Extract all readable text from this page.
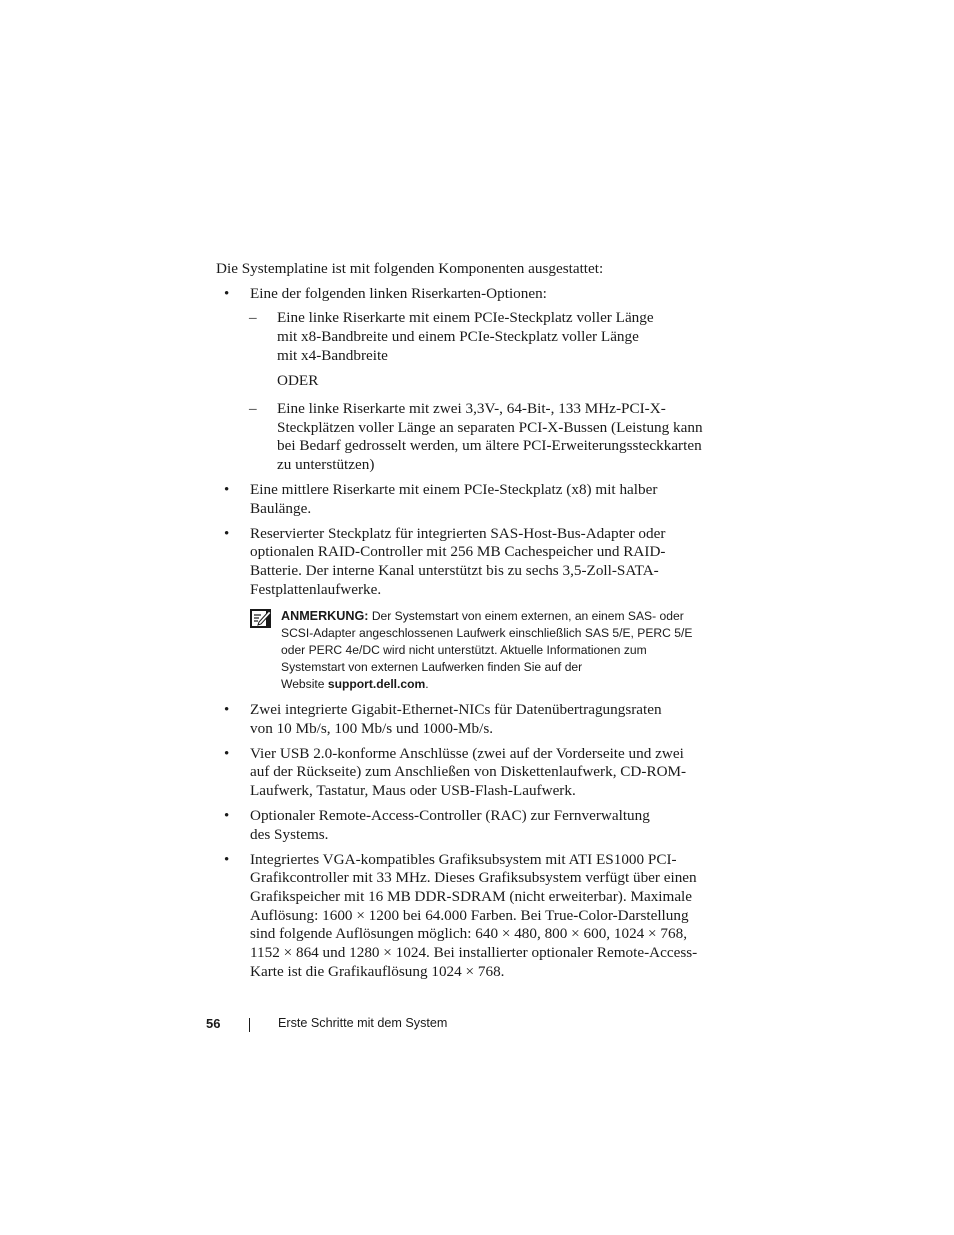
Die Systemplatine ist mit folgenden Komponenten ausgestattet:
• Eine der folgenden linken Riserkarten-Optionen:
– Eine linke Riserkarte mit einem PCIe-Steckplatz voller Länge
mit x8-Bandbreite und einem PCIe-Steckplatz voller Länge
mit x4-Bandbreite
ODER
– Eine linke Riserkarte mit zwei 3,3V-, 64-Bit-, 133 MHz-PCI-X-
Steckplätzen voller Länge an separaten PCI-X-Bussen (Leistung kann
bei Bedarf gedrosselt werden, um ältere PCI-Erweiterungssteckkarten
zu unterstützen)
• Eine mittlere Riserkarte mit einem PCIe-Steckplatz (x8) mit halber
Baulänge.
• Reservierter Steckplatz für integrierten SAS-Host-Bus-Adapter oder
optionalen RAID-Controller mit 256 MB Cachespeicher und RAID-
Batterie. Der interne Kanal unterstützt bis zu sechs 3,5-Zoll-SATA-
Festplattenlaufwerke.
ANMERKUNG: Der Systemstart von einem externen, an einem SAS- oder
SCSI-Adapter angeschlossenen Laufwerk einschließlich SAS 5/E, PERC 5/E
oder PERC 4e/DC wird nicht unterstützt. Aktuelle Informationen zum
Systemstart von externen Laufwerken finden Sie auf der
Website support.dell.com.
• Zwei integrierte Gigabit-Ethernet-NICs für Datenübertragungsraten
von 10 Mb/s, 100 Mb/s und 1000-Mb/s.
• Vier USB 2.0-konforme Anschlüsse (zwei auf der Vorderseite und zwei
auf der Rückseite) zum Anschließen von Diskettenlaufwerk, CD-ROM-
Laufwerk, Tastatur, Maus oder USB-Flash-Laufwerk.
• Optionaler Remote-Access-Controller (RAC) zur Fernverwaltung
des Systems.
• Integriertes VGA-kompatibles Grafiksubsystem mit ATI ES1000 PCI-
Grafikcontroller mit 33 MHz. Dieses Grafiksubsystem verfügt über einen
Grafikspeicher mit 16 MB DDR-SDRAM (nicht erweiterbar). Maximale
Auflösung: 1600 × 1200 bei 64.000 Farben. Bei True-Color-Darstellung
sind folgende Auflösungen möglich: 640 × 480, 800 × 600, 1024 × 768,
1152 × 864 und 1280 × 1024. Bei installierter optionaler Remote-Access-
Karte ist die Grafikauflösung 1024 × 768.
56	Erste Schritte mit dem System
